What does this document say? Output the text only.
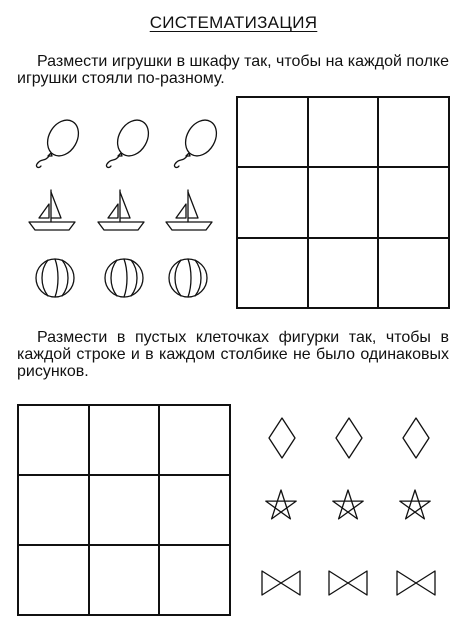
СИСТЕМАТИЗАЦИЯ
Размести игрушки в шкафу так, чтобы на каждой полке игрушки стояли по-разному.
Размести в пустых клеточках фигурки так, чтобы в каждой строке и в каждом столбике не было одинаковых рисунков.
